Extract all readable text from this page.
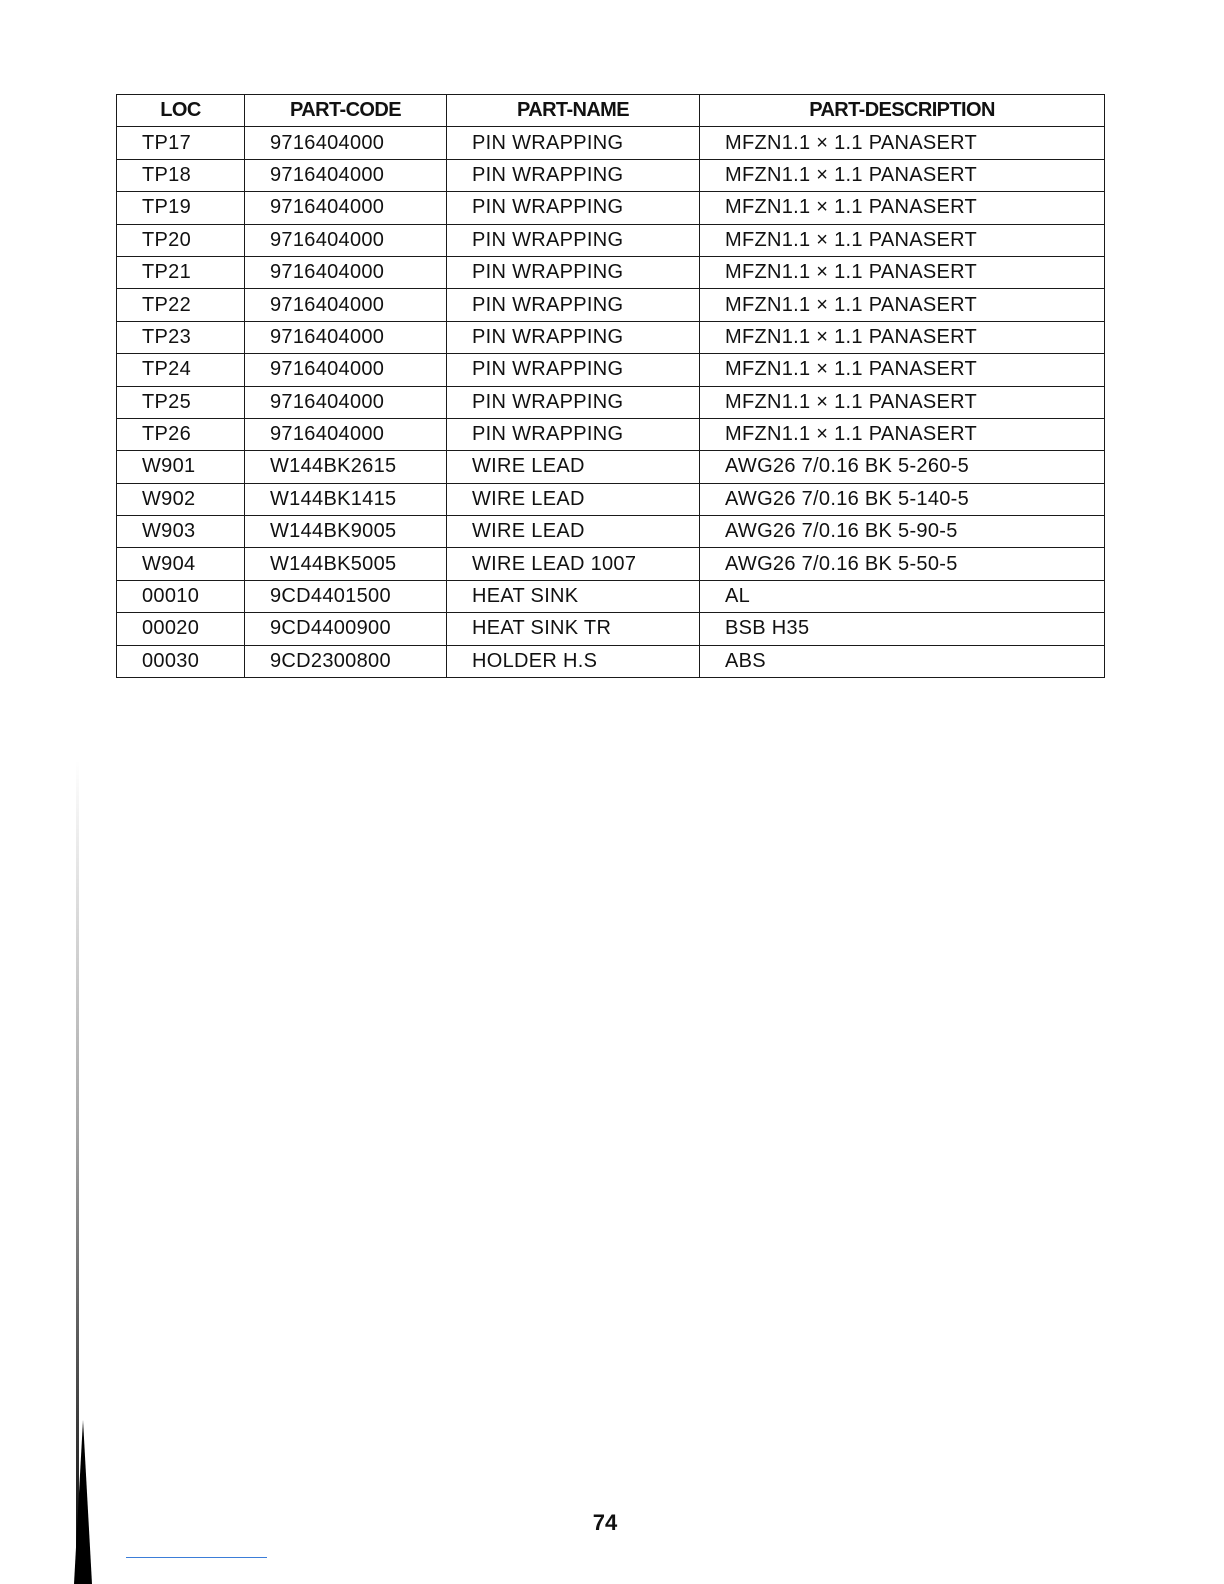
LOC	PART-CODE	PART-NAME	PART-DESCRIPTION
TP17	9716404000	PIN WRAPPING	MFZN1.1 × 1.1 PANASERT
TP18	9716404000	PIN WRAPPING	MFZN1.1 × 1.1 PANASERT
TP19	9716404000	PIN WRAPPING	MFZN1.1 × 1.1 PANASERT
TP20	9716404000	PIN WRAPPING	MFZN1.1 × 1.1 PANASERT
TP21	9716404000	PIN WRAPPING	MFZN1.1 × 1.1 PANASERT
TP22	9716404000	PIN WRAPPING	MFZN1.1 × 1.1 PANASERT
TP23	9716404000	PIN WRAPPING	MFZN1.1 × 1.1 PANASERT
TP24	9716404000	PIN WRAPPING	MFZN1.1 × 1.1 PANASERT
TP25	9716404000	PIN WRAPPING	MFZN1.1 × 1.1 PANASERT
TP26	9716404000	PIN WRAPPING	MFZN1.1 × 1.1 PANASERT
W901	W144BK2615	WIRE LEAD	AWG26 7/0.16 BK 5-260-5
W902	W144BK1415	WIRE LEAD	AWG26 7/0.16 BK 5-140-5
W903	W144BK9005	WIRE LEAD	AWG26 7/0.16 BK 5-90-5
W904	W144BK5005	WIRE LEAD 1007	AWG26 7/0.16 BK 5-50-5
00010	9CD4401500	HEAT SINK	AL
00020	9CD4400900	HEAT SINK TR	BSB H35
00030	9CD2300800	HOLDER H.S	ABS
74
